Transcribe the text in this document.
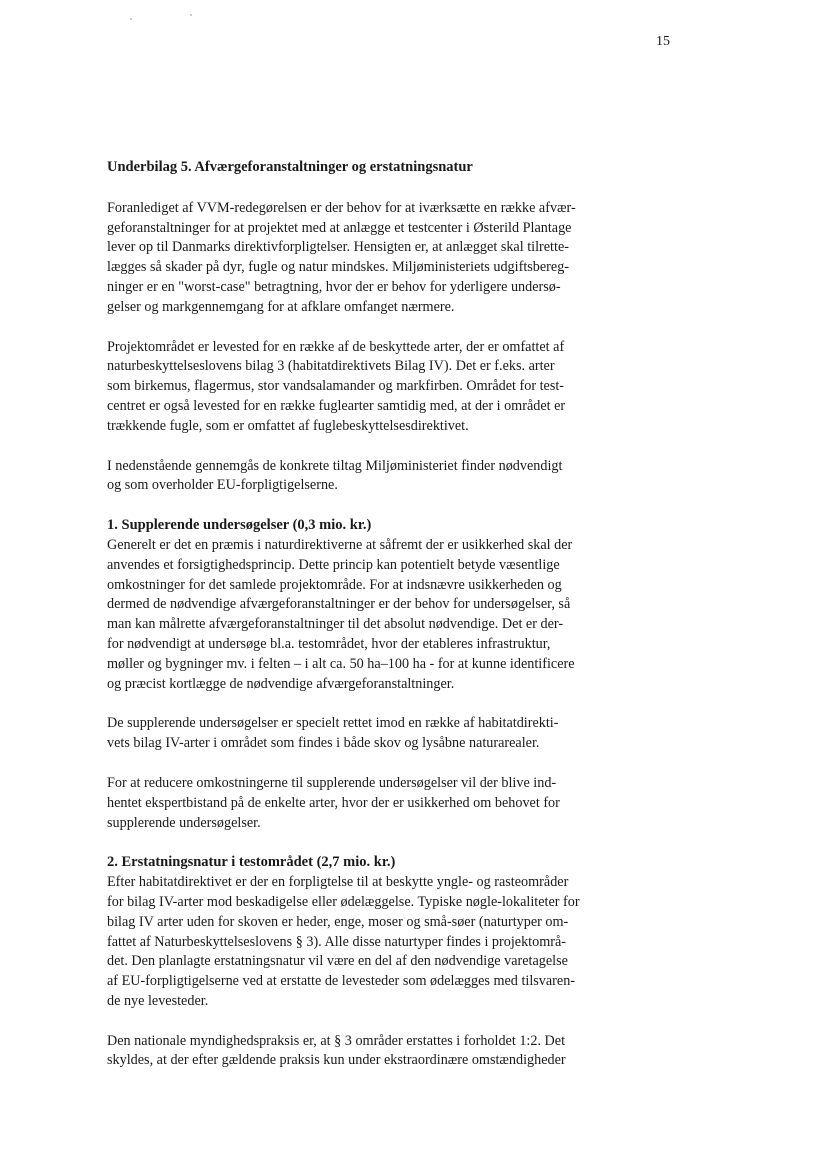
15
Underbilag 5. Afværgeforanstaltninger og erstatningsnatur

Foranlediget af VVM-redegørelsen er der behov for at iværksætte en række afvær-
geforanstaltninger for at projektet med at anlægge et testcenter i Østerild Plantage
lever op til Danmarks direktivforpligtelser. Hensigten er, at anlægget skal tilrette-
lægges så skader på dyr, fugle og natur mindskes. Miljøministeriets udgiftsbereg-
ninger er en "worst-case" betragtning, hvor der er behov for yderligere undersø-
gelser og markgennemgang for at afklare omfanget nærmere.

Projektområdet er levested for en række af de beskyttede arter, der er omfattet af
naturbeskyttelseslovens bilag 3 (habitatdirektivets Bilag IV). Det er f.eks. arter
som birkemus, flagermus, stor vandsalamander og markfirben. Området for test-
centret er også levested for en række fuglearter samtidig med, at der i området er
trækkende fugle, som er omfattet af fuglebeskyttelsesdirektivet.

I nedenstående gennemgås de konkrete tiltag Miljøministeriet finder nødvendigt
og som overholder EU-forpligtigelserne.

1. Supplerende undersøgelser (0,3 mio. kr.)

Generelt er det en præmis i naturdirektiverne at såfremt der er usikkerhed skal der
anvendes et forsigtighedsprincip. Dette princip kan potentielt betyde væsentlige
omkostninger for det samlede projektområde. For at indsnævre usikkerheden og
dermed de nødvendige afværgeforanstaltninger er der behov for undersøgelser, så
man kan målrette afværgeforanstaltninger til det absolut nødvendige. Det er der-
for nødvendigt at undersøge bl.a. testområdet, hvor der etableres infrastruktur,
møller og bygninger mv. i felten – i alt ca. 50 ha–100 ha - for at kunne identificere
og præcist kortlægge de nødvendige afværgeforanstaltninger.

De supplerende undersøgelser er specielt rettet imod en række af habitatdirekti-
vets bilag IV-arter i området som findes i både skov og lysåbne naturarealer.

For at reducere omkostningerne til supplerende undersøgelser vil der blive ind-
hentet ekspertbistand på de enkelte arter, hvor der er usikkerhed om behovet for
supplerende undersøgelser.

2. Erstatningsnatur i testområdet (2,7 mio. kr.)

Efter habitatdirektivet er der en forpligtelse til at beskytte yngle- og rasteområder
for bilag IV-arter mod beskadigelse eller ødelæggelse. Typiske nøgle-lokaliteter for
bilag IV arter uden for skoven er heder, enge, moser og små-søer (naturtyper om-
fattet af Naturbeskyttelseslovens § 3). Alle disse naturtyper findes i projektområ-
det. Den planlagte erstatningsnatur vil være en del af den nødvendige varetagelse
af EU-forpligtigelserne ved at erstatte de levesteder som ødelægges med tilsvaren-
de nye levesteder.

Den nationale myndighedspraksis er, at § 3 områder erstattes i forholdet 1:2. Det
skyldes, at der efter gældende praksis kun under ekstraordinære omstændigheder
